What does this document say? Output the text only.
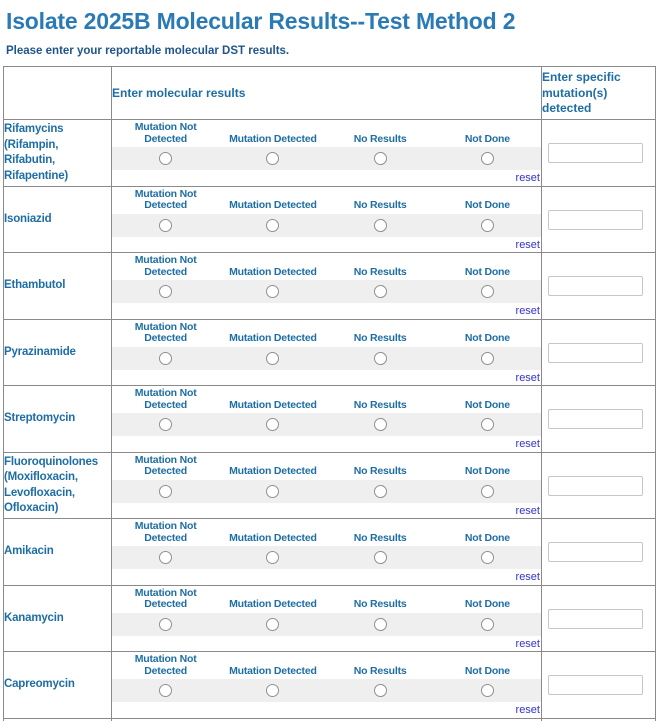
Isolate 2025B Molecular Results--Test Method 2

Please enter your reportable molecular DST results.

	Enter molecular results	Enter specific mutation(s) detected
Rifamycins (Rifampin, Rifabutin, Rifapentine)	Mutation Not Detected Mutation Detected No Results Not Done
reset

Isoniazid	Mutation Not Detected Mutation Detected No Results Not Done
reset

Ethambutol	Mutation Not Detected Mutation Detected No Results Not Done
reset

Pyrazinamide	Mutation Not Detected Mutation Detected No Results Not Done
reset

Streptomycin	Mutation Not Detected Mutation Detected No Results Not Done
reset

Fluoroquinolones (Moxifloxacin, Levofloxacin, Ofloxacin)	Mutation Not Detected Mutation Detected No Results Not Done
reset

Amikacin	Mutation Not Detected Mutation Detected No Results Not Done
reset

Kanamycin	Mutation Not Detected Mutation Detected No Results Not Done
reset

Capreomycin	Mutation Not Detected Mutation Detected No Results Not Done
reset
